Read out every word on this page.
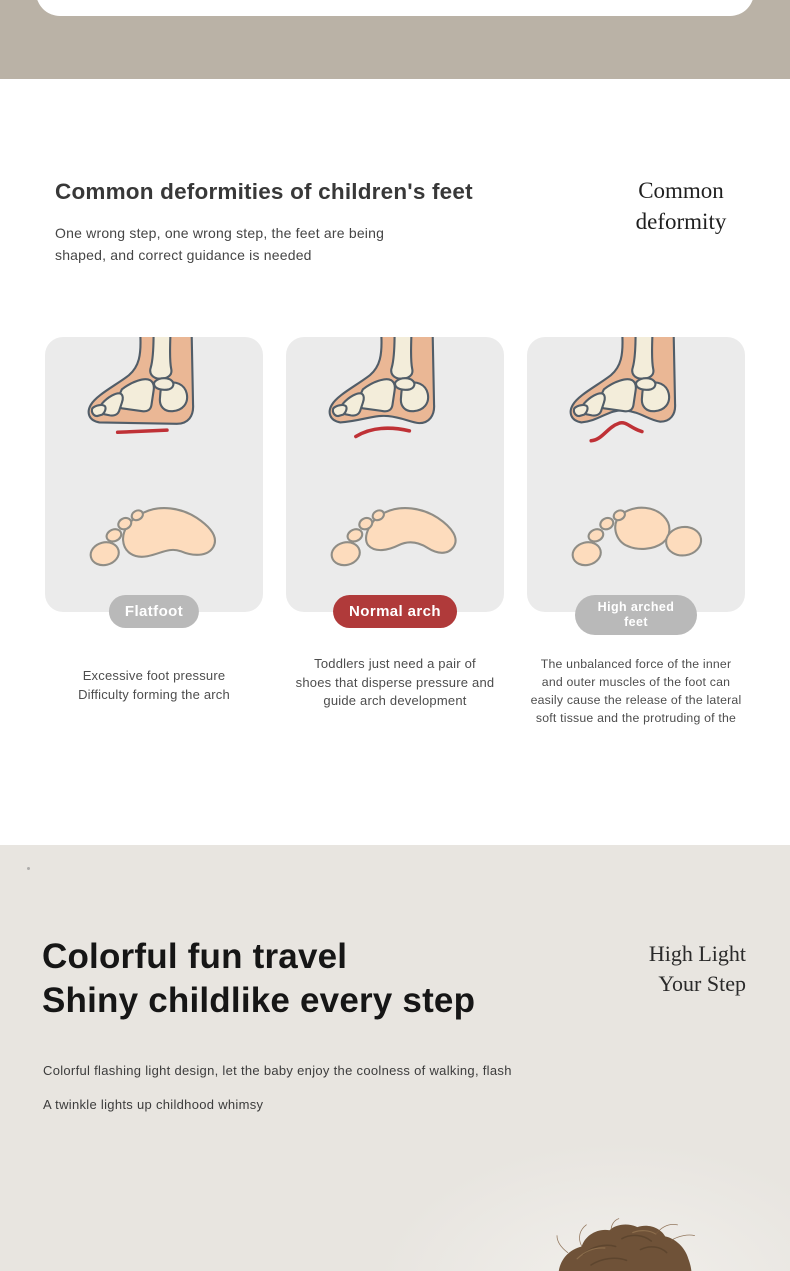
Common deformities of children's feet

One wrong step, one wrong step, the feet are being
shaped, and correct guidance is needed

Common
deformity
Flatfoot
Excessive foot pressure
Difficulty forming the arch
Normal arch
Toddlers just need a pair of
shoes that disperse pressure and
guide arch development
High arched feet
The unbalanced force of the inner
and outer muscles of the foot can
easily cause the release of the lateral
soft tissue and the protruding of the
Colorful fun travel
Shiny childlike every step
High Light
Your Step

Colorful flashing light design, let the baby enjoy the coolness of walking, flash
A twinkle lights up childhood whimsy
